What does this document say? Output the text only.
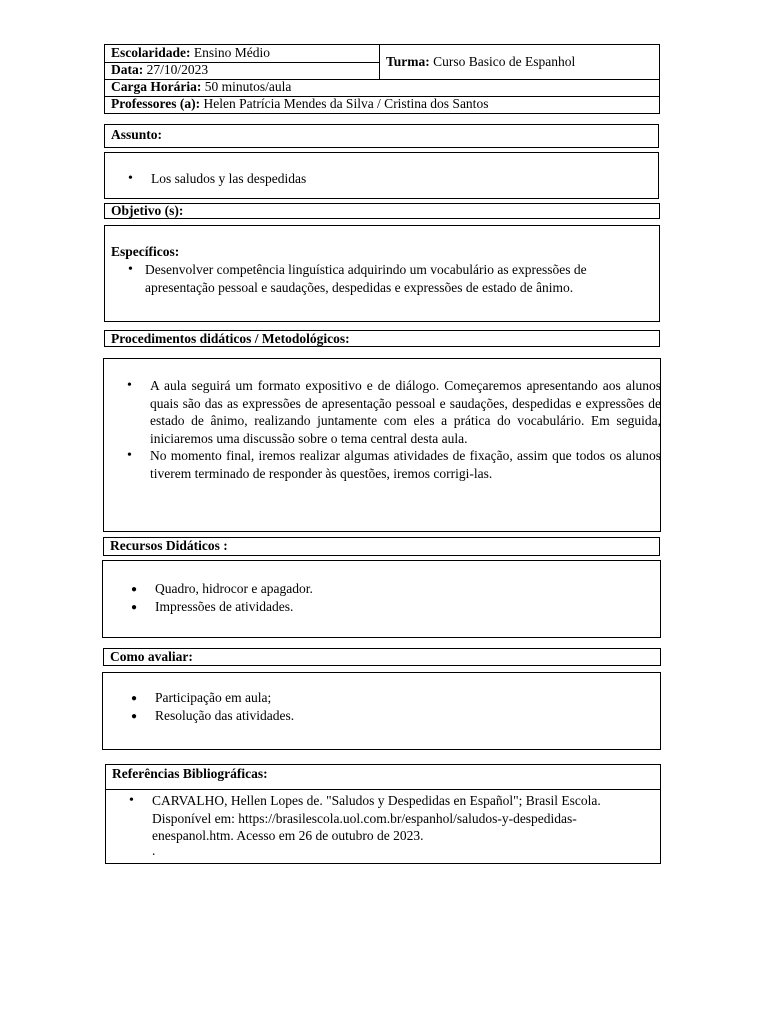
Escolaridade: Ensino Médio
Data: 27/10/2023
Turma: Curso Basico de Espanhol
Carga Horária: 50 minutos/aula
Professores (a): Helen Patrícia Mendes da Silva / Cristina dos Santos
Assunto:
• Los saludos y las despedidas
Objetivo (s):
Específicos:
• Desenvolver competência linguística adquirindo um vocabulário as expressões de apresentação pessoal e saudações, despedidas e expressões de estado de ânimo.
Procedimentos didáticos / Metodológicos:
• A aula seguirá um formato expositivo e de diálogo. Começaremos apresentando aos alunos quais são das as expressões de apresentação pessoal e saudações, despedidas e expressões de estado de ânimo, realizando juntamente com eles a prática do vocabulário. Em seguida, iniciaremos uma discussão sobre o tema central desta aula.
• No momento final, iremos realizar algumas atividades de fixação, assim que todos os alunos tiverem terminado de responder às questões, iremos corrigi-las.
Recursos Didáticos :
● Quadro, hidrocor e apagador.
● Impressões de atividades.
Como avaliar:
● Participação em aula;
● Resolução das atividades.
Referências Bibliográficas:
• CARVALHO, Hellen Lopes de. "Saludos y Despedidas en Español"; Brasil Escola. Disponível em: https://brasilescola.uol.com.br/espanhol/saludos-y-despedidas-enespanol.htm. Acesso em 26 de outubro de 2023.
.
